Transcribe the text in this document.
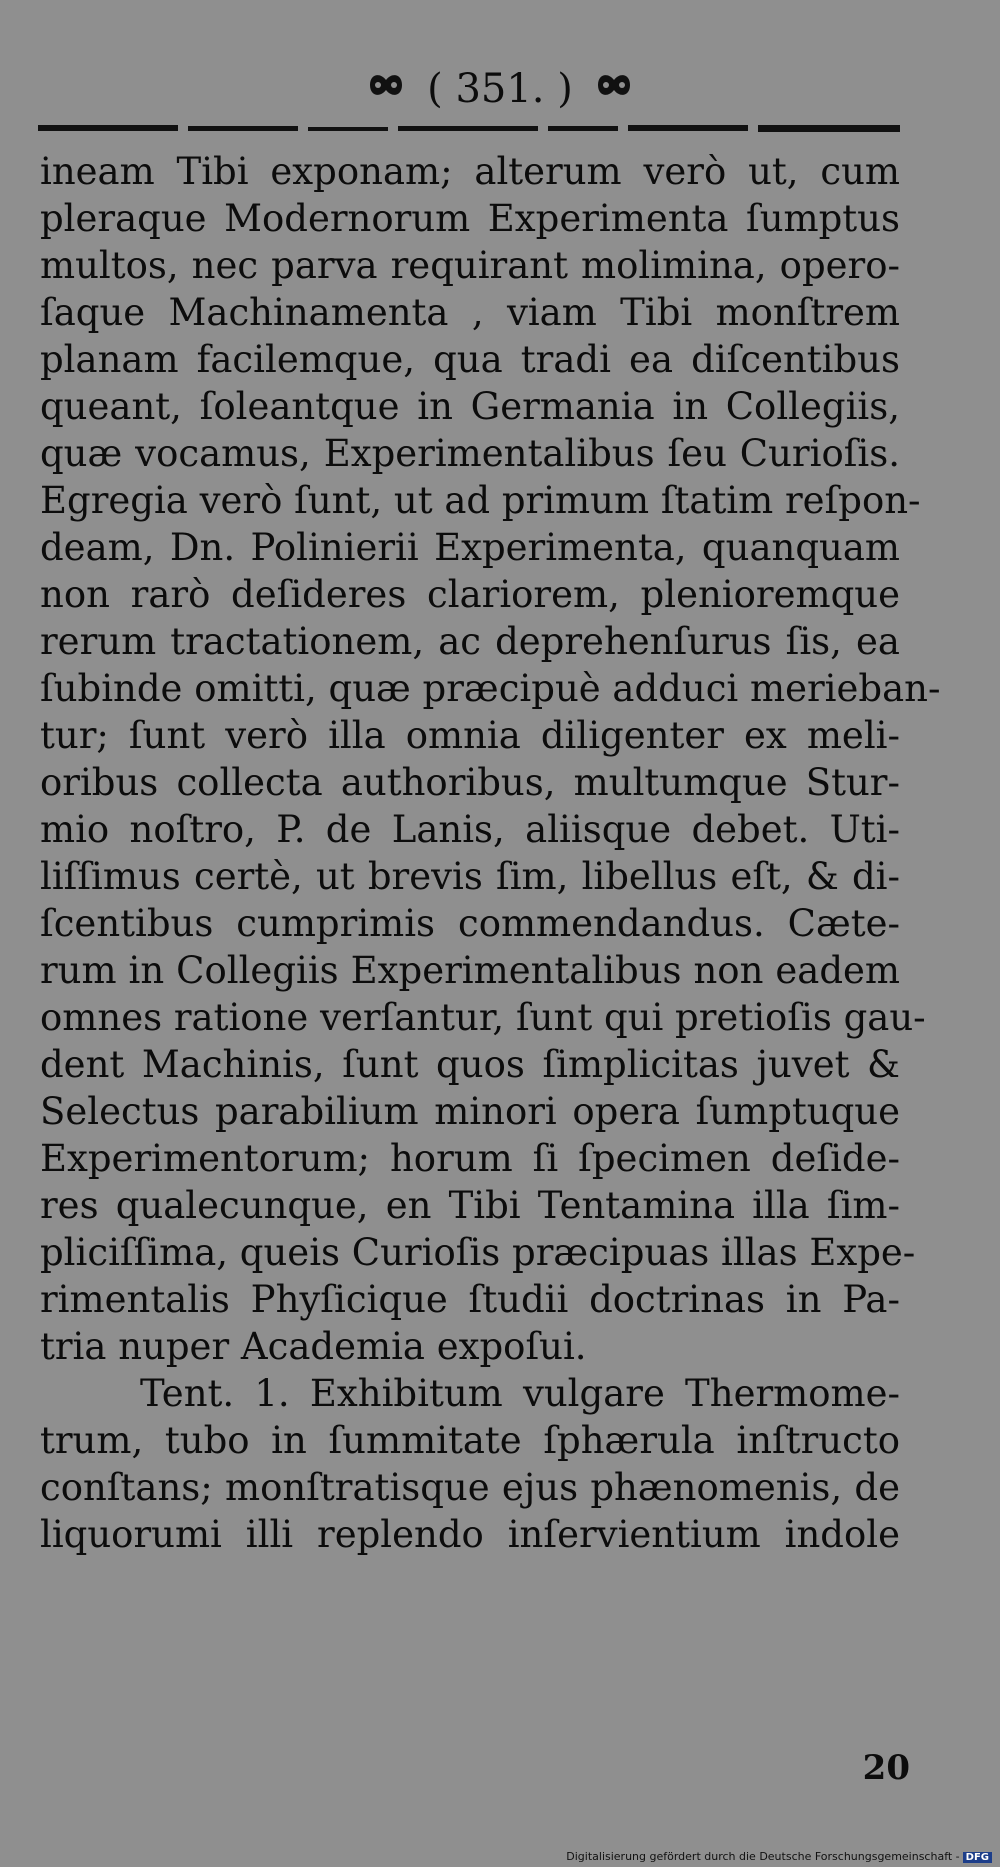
( 351. )
ineam Tibi exponam; alterum verò ut, cum
pleraque Modernorum Experimenta ſumptus
multos, nec parva requirant molimina, opero-
ſaque Machinamenta , viam Tibi monſtrem
planam facilemque, qua tradi ea diſcentibus
queant, ſoleantque in Germania in Collegiis,
quæ vocamus, Experimentalibus ſeu Curioſis.
Egregia verò ſunt, ut ad primum ſtatim reſpon-
deam, Dn. Polinierii Experimenta, quanquam
non rarò deſideres clariorem, plenioremque
rerum tractationem, ac deprehenſurus ſis, ea
ſubinde omitti, quæ præcipuè adduci merieban-
tur; ſunt verò illa omnia diligenter ex meli-
oribus collecta authoribus, multumque Stur-
mio noſtro, P. de Lanis, aliisque debet. Uti-
liſſimus certè, ut brevis ſim, libellus eſt, & di-
ſcentibus cumprimis commendandus. Cæte-
rum in Collegiis Experimentalibus non eadem
omnes ratione verſantur, ſunt qui pretioſis gau-
dent Machinis, ſunt quos ſimplicitas juvet &
Selectus parabilium minori opera ſumptuque
Experimentorum; horum ſi ſpecimen deſide-
res qualecunque, en Tibi Tentamina illa ſim-
pliciſſima, queis Curioſis præcipuas illas Expe-
rimentalis Phyſicique ſtudii doctrinas in Pa-
tria nuper Academia expoſui.
Tent. 1. Exhibitum vulgare Thermome-
trum, tubo in ſummitate ſphærula inſtructo
conſtans; monſtratisque ejus phænomenis, de
liquorumi illi replendo inſervientium indole
20
Digitalisierung gefördert durch die Deutsche Forschungsgemeinschaft - DFG
